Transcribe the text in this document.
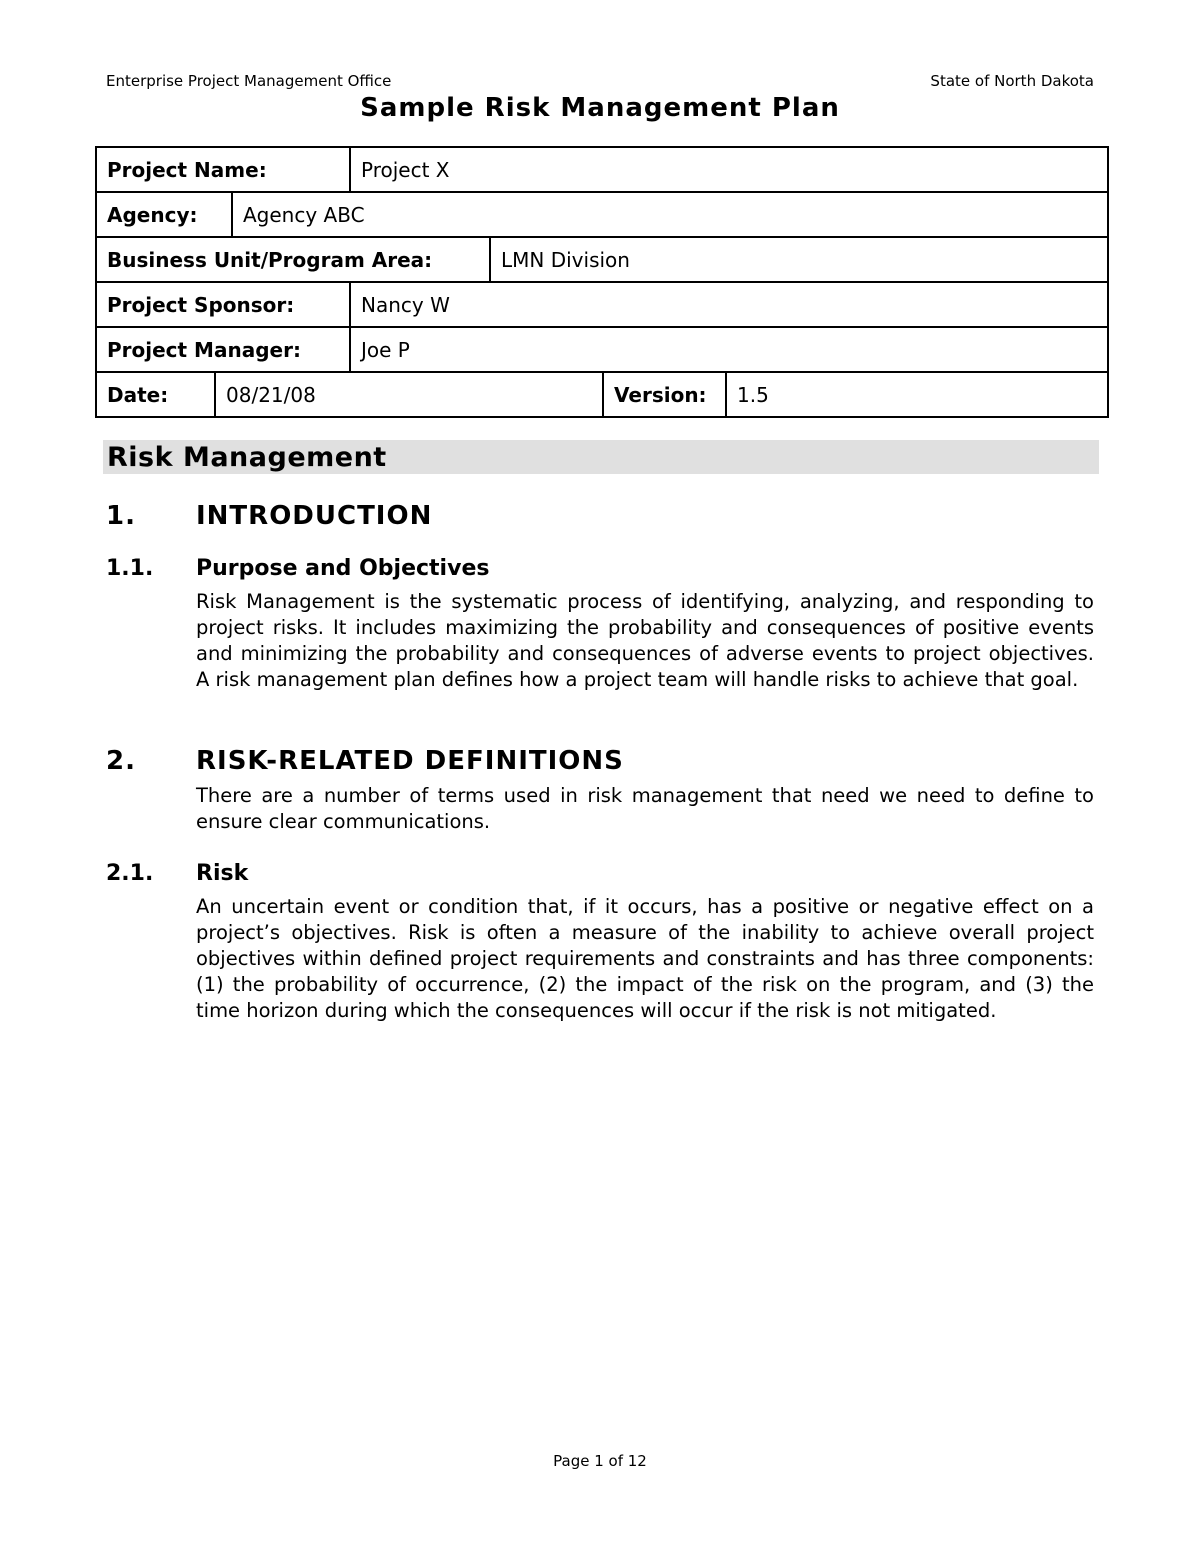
Enterprise Project Management Office	State of North Dakota
Sample Risk Management Plan
Project Name:	Project X
Agency:	Agency ABC
Business Unit/Program Area:	LMN Division
Project Sponsor:	Nancy W
Project Manager:	Joe P
Date:	08/21/08	Version:	1.5
Risk Management
1.	INTRODUCTION
1.1.	Purpose and Objectives
Risk Management is the systematic process of identifying, analyzing, and responding to project risks. It includes maximizing the probability and consequences of positive events and minimizing the probability and consequences of adverse events to project objectives. A risk management plan defines how a project team will handle risks to achieve that goal.
2.	RISK-RELATED DEFINITIONS
There are a number of terms used in risk management that need we need to define to ensure clear communications.
2.1.	Risk
An uncertain event or condition that, if it occurs, has a positive or negative effect on a project’s objectives. Risk is often a measure of the inability to achieve overall project objectives within defined project requirements and constraints and has three components: (1) the probability of occurrence, (2) the impact of the risk on the program, and (3) the time horizon during which the consequences will occur if the risk is not mitigated.
Page 1 of 12
